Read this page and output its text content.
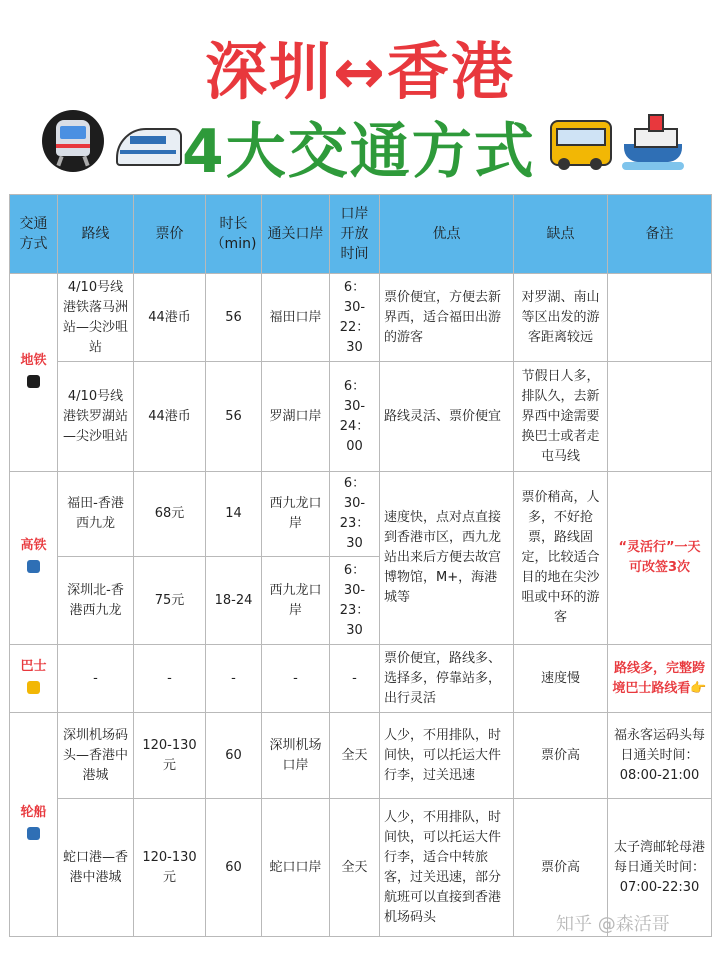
深圳↔香港
4大交通方式
交通方式	路线	票价	时长（min)	通关口岸	口岸开放时间	优点	缺点	备注

地铁	4/10号线港铁落马洲站—尖沙咀站	44港币	56	福田口岸	6：30-22：30	票价便宜，方便去新界西，适合福田出游的游客	对罗湖、南山等区出发的游客距离较远	
	4/10号线港铁罗湖站—尖沙咀站	44港币	56	罗湖口岸	6：30-24：00	路线灵活、票价便宜	节假日人多，排队久，去新界西中途需要换巴士或者走屯马线	

高铁	福田-香港西九龙	68元	14	西九龙口岸	6：30-23：30	速度快，点对点直接到香港市区，西九龙站出来后方便去故宫博物馆，M+，海港城等	票价稍高，人多，不好抢票，路线固定，比较适合目的地在尖沙咀或中环的游客	“灵活行”一天可改签3次
	深圳北-香港西九龙	75元	18-24	西九龙口岸	6：30-23：30			

巴士	-	-	-	-	-	票价便宜，路线多、选择多，停靠站多，出行灵活	速度慢	路线多，完整跨境巴士路线看👉

轮船	深圳机场码头—香港中港城	120-130元	60	深圳机场口岸	全天	人少，不用排队，时间快，可以托运大件行李，过关迅速	票价高	福永客运码头每日通关时间：08:00-21:00
	蛇口港—香港中港城	120-130元	60	蛇口口岸	全天	人少，不用排队，时间快，可以托运大件行李，适合中转旅客，过关迅速，部分航班可以直接到香港机场码头	票价高	太子湾邮轮母港每日通关时间：07:00-22:30
知乎 @森活哥
